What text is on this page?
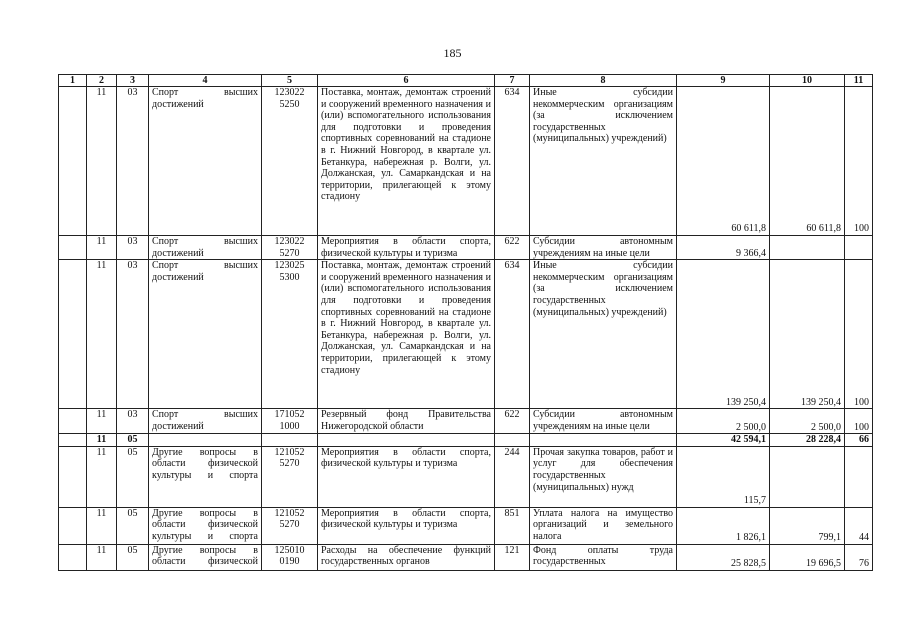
185
1	2	3	4	5	6	7	8	9	10	11
	11	03	Спорт высших достижений	123022 5250	Поставка, монтаж, демонтаж строений и сооружений временного назначения и (или) вспомогательного использования для подготовки и проведения спортивных соревнований на стадионе в г. Нижний Новгород, в квартале ул. Бетанкура, набережная р. Волги, ул. Должанская, ул. Самаркандская и на территории, прилегающей к этому стадиону	634	Иные субсидии некоммерческим организациям (за исключением государственных (муниципальных) учреждений)	60 611,8	60 611,8	100
	11	03	Спорт высших достижений	123022 5270	Мероприятия в области спорта, физической культуры и туризма	622	Субсидии автономным учреждениям на иные цели	9 366,4		
	11	03	Спорт высших достижений	123025 5300	Поставка, монтаж, демонтаж строений и сооружений временного назначения и (или) вспомогательного использования для подготовки и проведения спортивных соревнований на стадионе в г. Нижний Новгород, в квартале ул. Бетанкура, набережная р. Волги, ул. Должанская, ул. Самаркандская и на территории, прилегающей к этому стадиону	634	Иные субсидии некоммерческим организациям (за исключением государственных (муниципальных) учреждений)	139 250,4	139 250,4	100
	11	03	Спорт высших достижений	171052 1000	Резервный фонд Правительства Нижегородской области	622	Субсидии автономным учреждениям на иные цели	2 500,0	2 500,0	100
	11	05						42 594,1	28 228,4	66
	11	05	Другие вопросы в области физической культуры и спорта	121052 5270	Мероприятия в области спорта, физической культуры и туризма	244	Прочая закупка товаров, работ и услуг для обеспечения государственных (муниципальных) нужд	115,7		
	11	05	Другие вопросы в области физической культуры и спорта	121052 5270	Мероприятия в области спорта, физической культуры и туризма	851	Уплата налога на имущество организаций и земельного налога	1 826,1	799,1	44
	11	05	Другие вопросы в области физической	125010 0190	Расходы на обеспечение функций государственных органов	121	Фонд оплаты труда государственных	25 828,5	19 696,5	76
